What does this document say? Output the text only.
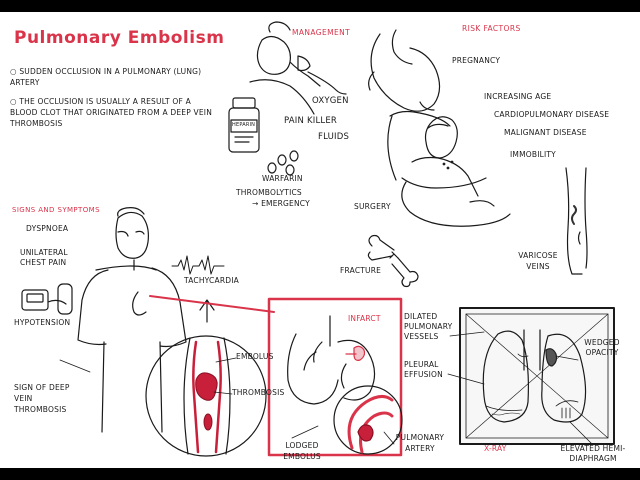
Pulmonary Embolism
○ SUDDEN OCCLUSION IN A PULMONARY (LUNG) ARTERY
○ THE OCCLUSION IS USUALLY A RESULT OF A BLOOD CLOT THAT ORIGINATED FROM A DEEP VEIN THROMBOSIS
MANAGEMENT
OXYGEN
PAIN KILLER
FLUIDS
WARFARIN
THROMBOLYTICS
→ EMERGENCY
HEPARIN
RISK FACTORS
PREGNANCY
INCREASING AGE
CARDIOPULMONARY DISEASE
MALIGNANT DISEASE
IMMOBILITY
SURGERY
FRACTURE
VARICOSE VEINS
SIGNS AND SYMPTOMS
DYSPNOEA
UNILATERAL CHEST PAIN
TACHYCARDIA
HYPOTENSION
SIGN OF DEEP VEIN THROMBOSIS
EMBOLUS
THROMBOSIS
INFARCT
LODGED EMBOLUS
PULMONARY ARTERY
DILATED PULMONARY VESSELS
PLEURAL EFFUSION
WEDGED OPACITY
ELEVATED HEMI-DIAPHRAGM
X-RAY
